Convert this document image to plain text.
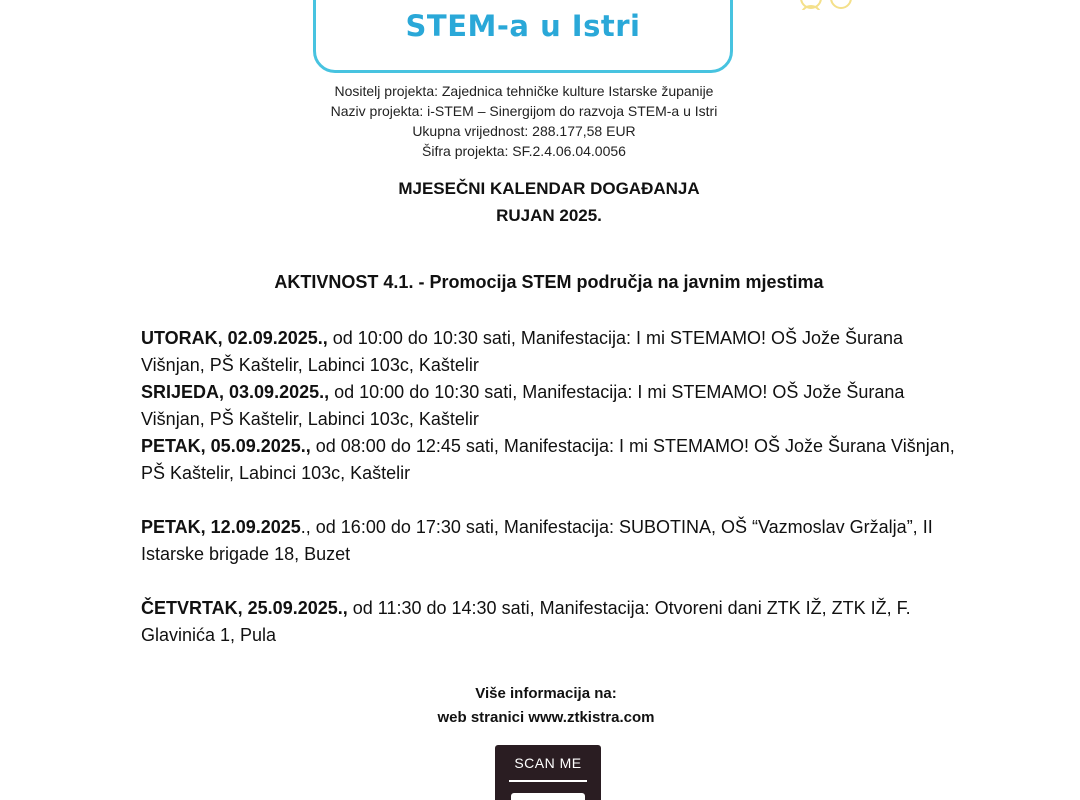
STEM-a u Istri
Nositelj projekta: Zajednica tehničke kulture Istarske županije
Naziv projekta: i-STEM – Sinergijom do razvoja STEM-a u Istri
Ukupna vrijednost: 288.177,58 EUR
Šifra projekta: SF.2.4.06.04.0056
MJESEČNI KALENDAR DOGAĐANJA
RUJAN 2025.
AKTIVNOST 4.1. - Promocija STEM područja na javnim mjestima

UTORAK, 02.09.2025., od 10:00 do 10:30 sati, Manifestacija: I mi STEMAMO! OŠ Jože Šurana Višnjan, PŠ Kaštelir, Labinci 103c, Kaštelir

SRIJEDA, 03.09.2025., od 10:00 do 10:30 sati, Manifestacija: I mi STEMAMO! OŠ Jože Šurana Višnjan, PŠ Kaštelir, Labinci 103c, Kaštelir

PETAK, 05.09.2025., od 08:00 do 12:45 sati, Manifestacija: I mi STEMAMO! OŠ Jože Šurana Višnjan, PŠ Kaštelir, Labinci 103c, Kaštelir

PETAK, 12.09.2025., od 16:00 do 17:30 sati, Manifestacija: SUBOTINA, OŠ “Vazmoslav Gržalja”, II Istarske brigade 18, Buzet

ČETVRTAK, 25.09.2025., od 11:30 do 14:30 sati, Manifestacija: Otvoreni dani ZTK IŽ, ZTK IŽ, F. Glavinića 1, Pula

Više informacija na:
web stranici www.ztkistra.com
SCAN ME
